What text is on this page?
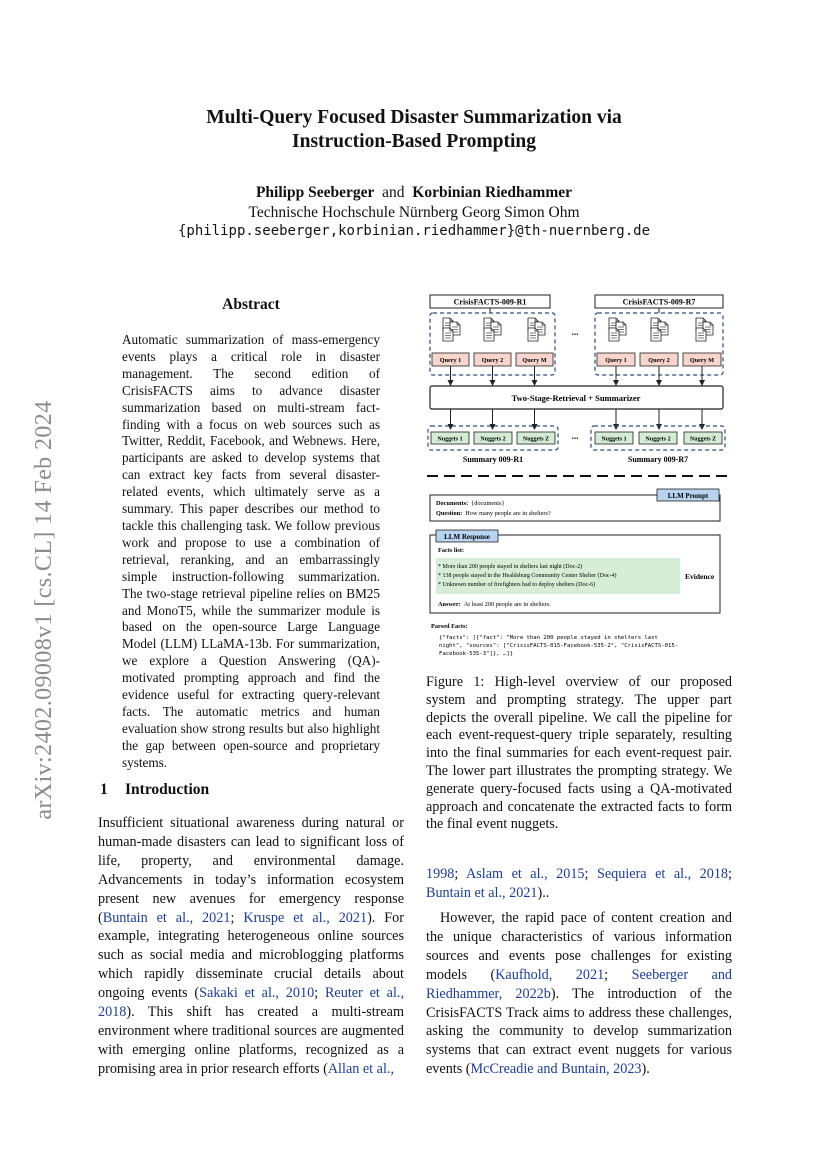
Multi-Query Focused Disaster Summarization via
Instruction-Based Prompting
Philipp Seeberger and Korbinian Riedhammer
Technische Hochschule Nürnberg Georg Simon Ohm
{philipp.seeberger,korbinian.riedhammer}@th-nuernberg.de
arXiv:2402.09008v1 [cs.CL] 14 Feb 2024
Abstract
Automatic summarization of mass-emergency events plays a critical role in disaster management. The second edition of CrisisFACTS aims to advance disaster summarization based on multi-stream fact-finding with a focus on web sources such as Twitter, Reddit, Facebook, and Webnews. Here, participants are asked to develop systems that can extract key facts from several disaster-related events, which ultimately serve as a summary. This paper describes our method to tackle this challenging task. We follow previous work and propose to use a combination of retrieval, reranking, and an embarrassingly simple instruction-following summarization. The two-stage retrieval pipeline relies on BM25 and MonoT5, while the summarizer module is based on the open-source Large Language Model (LLM) LLaMA-13b. For summarization, we explore a Question Answering (QA)-motivated prompting approach and find the evidence useful for extracting query-relevant facts. The automatic metrics and human evaluation show strong results but also highlight the gap between open-source and proprietary systems.
1 Introduction
Insufficient situational awareness during natural or human-made disasters can lead to significant loss of life, property, and environmental damage. Advancements in today’s information ecosystem present new avenues for emergency response (Buntain et al., 2021; Kruspe et al., 2021). For example, integrating heterogeneous online sources such as social media and microblogging platforms which rapidly disseminate crucial details about ongoing events (Sakaki et al., 2010; Reuter et al., 2018). This shift has created a multi-stream environment where traditional sources are augmented with emerging online platforms, recognized as a promising area in prior research efforts (Allan et al.,
CrisisFACTS-009-R1	CrisisFACTS-009-R7
...
Query 1	Query 2	Query M	Query 1	Query 2	Query M
Two-Stage-Retrieval + Summarizer
...
Nuggets 1	Nuggets 2	Nuggets Z	Nuggets 1	Nuggets 2	Nuggets Z
Summary 009-R1	Summary 009-R7
LLM Prompt
Documents: {documents}
Question: How many people are in shelters?
LLM Response
Facts list:
* More than 200 people stayed in shelters last night (Doc-2)
* 138 people stayed in the Healdsburg Community Center Shelter (Doc-4)
* Unknown number of firefighters had to deploy shelters (Doc-6)
Evidence
Answer: At least 200 people are in shelters.
Parsed Facts:
{"facts": [{"fact": "More than 200 people stayed in shelters last
night", "sources": ["CrisisFACTS-015-Facebook-535-2", "CrisisFACTS-015-
Facebook-535-3"]}, …]}
Figure 1: High-level overview of our proposed system and prompting strategy. The upper part depicts the overall pipeline. We call the pipeline for each event-request-query triple separately, resulting into the final summaries for each event-request pair. The lower part illustrates the prompting strategy. We generate query-focused facts using a QA-motivated approach and concatenate the extracted facts to form the final event nuggets.
1998; Aslam et al., 2015; Sequiera et al., 2018; Buntain et al., 2021)..
However, the rapid pace of content creation and the unique characteristics of various information sources and events pose challenges for existing models (Kaufhold, 2021; Seeberger and Riedhammer, 2022b). The introduction of the CrisisFACTS Track aims to address these challenges, asking the community to develop summarization systems that can extract event nuggets for various events (McCreadie and Buntain, 2023).
